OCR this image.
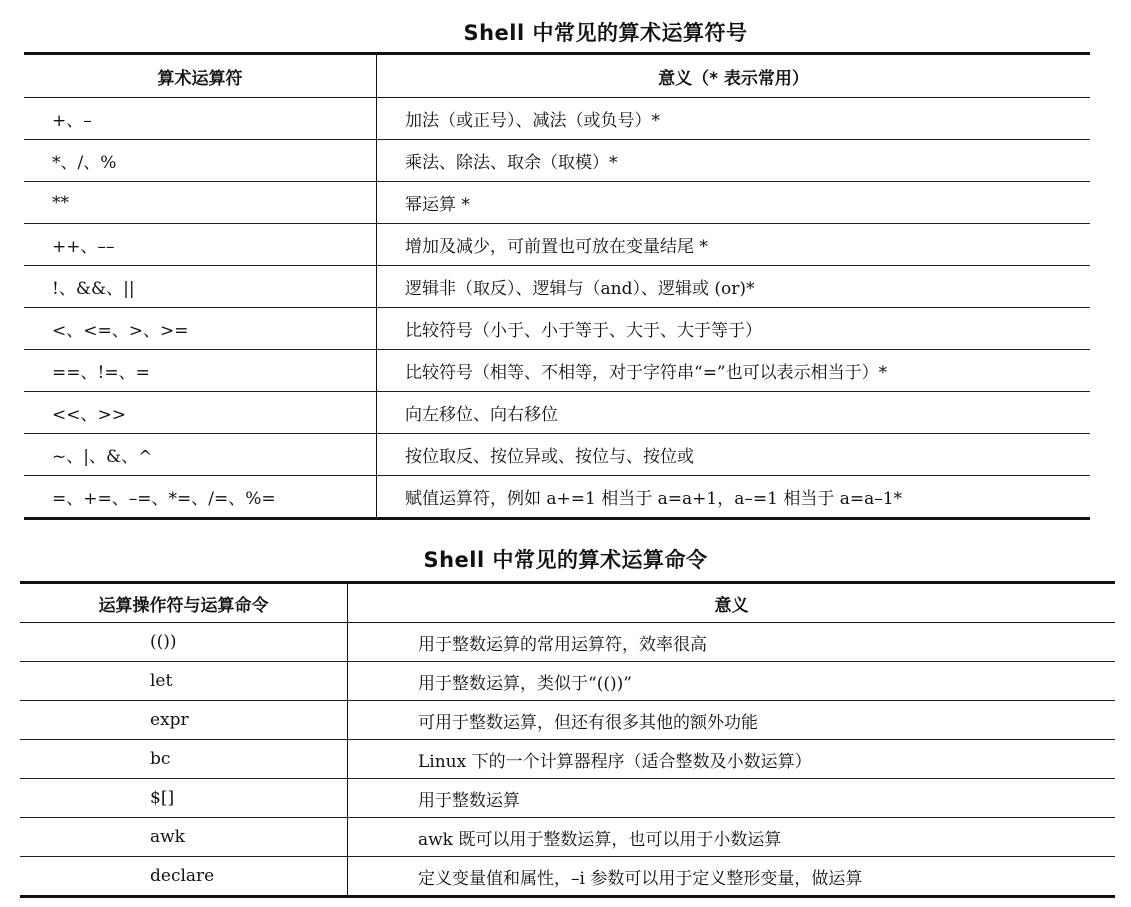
Shell 中常见的算术运算符号
算术运算符	意义（* 表示常用）
+、–	加法（或正号）、减法（或负号）*
*、/、%	乘法、除法、取余（取模）*
**	幂运算 *
++、––	增加及减少，可前置也可放在变量结尾 *
!、&&、||	逻辑非（取反）、逻辑与（and）、逻辑或 (or)*
<、<=、>、>=	比较符号（小于、小于等于、大于、大于等于）
==、!=、=	比较符号（相等、不相等，对于字符串“=”也可以表示相当于）*
<<、>>	向左移位、向右移位
~、|、&、^	按位取反、按位异或、按位与、按位或
=、+=、–=、*=、/=、%=	赋值运算符，例如 a+=1 相当于 a=a+1，a–=1 相当于 a=a–1*
Shell 中常见的算术运算命令
运算操作符与运算命令	意义
(())	用于整数运算的常用运算符，效率很高
let	用于整数运算，类似于“(())”
expr	可用于整数运算，但还有很多其他的额外功能
bc	Linux 下的一个计算器程序（适合整数及小数运算）
$[]	用于整数运算
awk	awk 既可以用于整数运算，也可以用于小数运算
declare	定义变量值和属性，–i 参数可以用于定义整形变量，做运算
